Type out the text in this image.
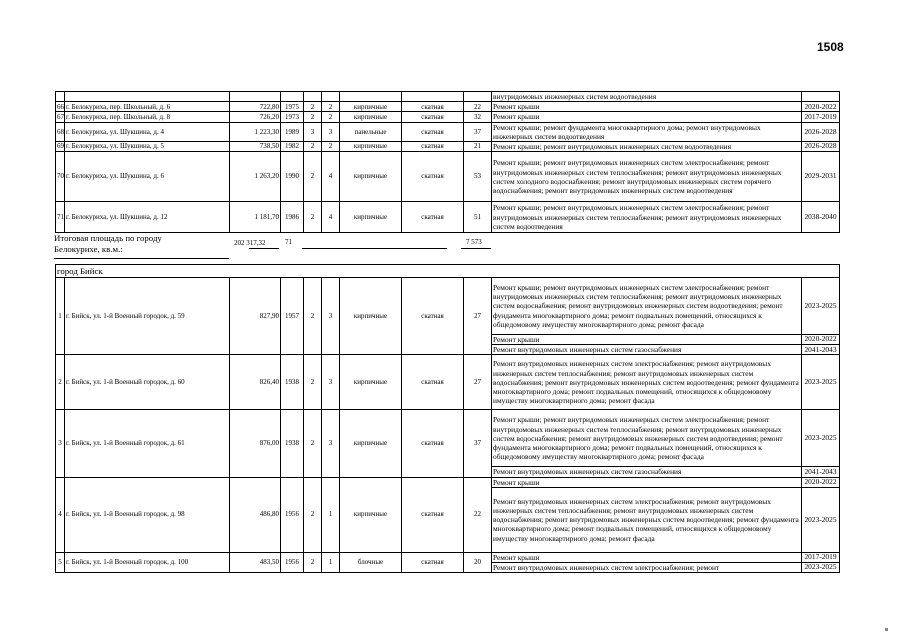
1508
									внутридомовых инженерных систем водоотведения	
66	г. Белокуриха, пер. Школьный, д. 6	722,80	1975	2	2	кирпичные	скатная	22	Ремонт крыши	2020-2022
67	г. Белокуриха, пер. Школьный, д. 8	726,20	1973	2	2	кирпичные	скатная	32	Ремонт крыши	2017-2019
68	г. Белокуриха, ул. Шукшина, д. 4	1 223,30	1989	3	3	панельные	скатная	37	Ремонт крыши; ремонт фундамента многоквартирного дома; ремонт внутридомовых инженерных систем водоотведения	2026-2028
69	г. Белокуриха, ул. Шукшина, д. 5	738,50	1982	2	2	кирпичные	скатная	21	Ремонт крыши; ремонт внутридомовых инженерных систем водоотведения	2026-2028
70	г. Белокуриха, ул. Шукшина, д. 6	1 263,20	1990	2	4	кирпичные	скатная	53	Ремонт крыши; ремонт внутридомовых инженерных систем электроснабжения; ремонт внутридомовых инженерных систем теплоснабжения; ремонт внутридомовых инженерных систем холодного водоснабжения; ремонт внутридомовых инженерных систем горячего водоснабжения; ремонт внутридомовых инженерных систем водоотведения	2029-2031
71	г. Белокуриха, ул. Шукшина, д. 12	1 181,70	1986	2	4	кирпичные	скатная	51	Ремонт крыши; ремонт внутридомовых инженерных систем электроснабжения; ремонт внутридомовых инженерных систем теплоснабжения; ремонт внутридомовых инженерных систем водоотведения	2038-2040
Итоговая площадь по городу
Белокурихе, кв.м.:
202 317,32	71	7 573
город Бийск										
1	г. Бийск, ул. 1-й Военный городок, д. 59	827,90	1957	2	3	кирпичные	скатная	27	Ремонт крыши; ремонт внутридомовых инженерных систем электроснабжения; ремонт внутридомовых инженерных систем теплоснабжения; ремонт внутридомовых инженерных систем водоснабжения; ремонт внутридомовых инженерных систем водоотведения; ремонт фундамента многоквартирного дома; ремонт подвальных помещений, относящихся к общедомовому имуществу многоквартирного дома; ремонт фасада	2023-2025
									Ремонт крыши	2020-2022
									Ремонт внутридомовых инженерных систем газоснабжения	2041-2043
2	г. Бийск, ул. 1-й Военный городок, д. 60	826,40	1938	2	3	кирпичные	скатная	27	Ремонт внутридомовых инженерных систем электроснабжения; ремонт внутридомовых инженерных систем теплоснабжения; ремонт внутридомовых инженерных систем водоснабжения; ремонт внутридомовых инженерных систем водоотведения; ремонт фундамента многоквартирного дома; ремонт подвальных помещений, относящихся к общедомовому имуществу многоквартирного дома; ремонт фасада	2023-2025
3	г. Бийск, ул. 1-й Военный городок, д. 61	876,00	1938	2	3	кирпичные	скатная	37	Ремонт крыши; ремонт внутридомовых инженерных систем электроснабжения; ремонт внутридомовых инженерных систем теплоснабжения; ремонт внутридомовых инженерных систем водоснабжения; ремонт внутридомовых инженерных систем водоотведения; ремонт фундамента многоквартирного дома; ремонт подвальных помещений, относящихся к общедомовому имуществу многоквартирного дома; ремонт фасада	2023-2025
									Ремонт внутридомовых инженерных систем газоснабжения	2041-2043
4	г. Бийск, ул. 1-й Военный городок, д. 98	486,80	1956	2	1	кирпичные	скатная	22	Ремонт крыши	2020-2022
									Ремонт внутридомовых инженерных систем электроснабжения; ремонт внутридомовых инженерных систем теплоснабжения; ремонт внутридомовых инженерных систем водоснабжения; ремонт внутридомовых инженерных систем водоотведения; ремонт фундамента многоквартирного дома; ремонт подвальных помещений, относящихся к общедомовому имуществу многоквартирного дома; ремонт фасада	2023-2025
5	г. Бийск, ул. 1-й Военный городок, д. 100	483,50	1956	2	1	блочные	скатная	20	Ремонт крыши	2017-2019
									Ремонт внутридомовых инженерных систем электроснабжения; ремонт	2023-2025
